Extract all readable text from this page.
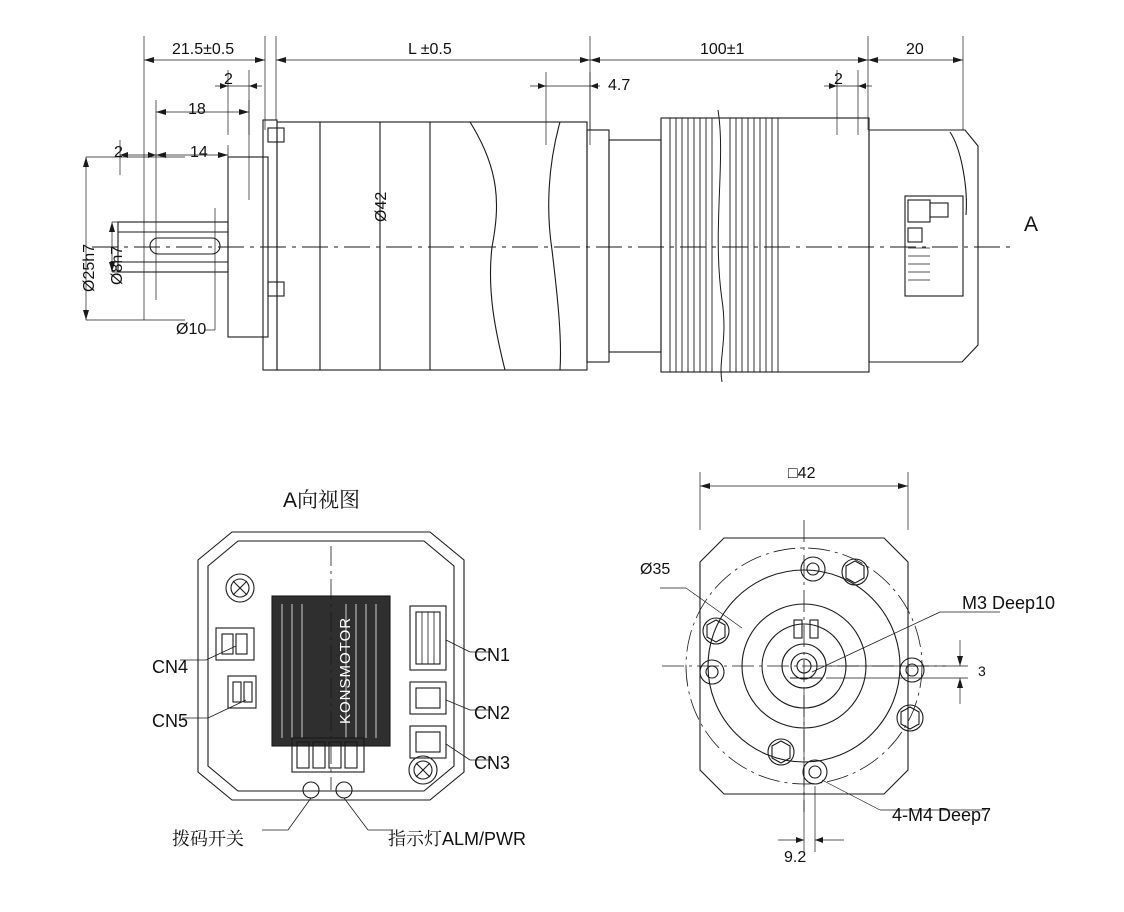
21.5±0.5	L ±0.5	100±1	20
2	4.7	2
18
14
2
Ø25h7 Ø8h7
Ø10
Ø42
A
A向视图
KONSMOTOR
CN4
CN5
CN1
CN2
CN3
拨码开关	指示灯ALM/PWR
□42
Ø35
M3 Deep10
3
4-M4 Deep7
9.2
